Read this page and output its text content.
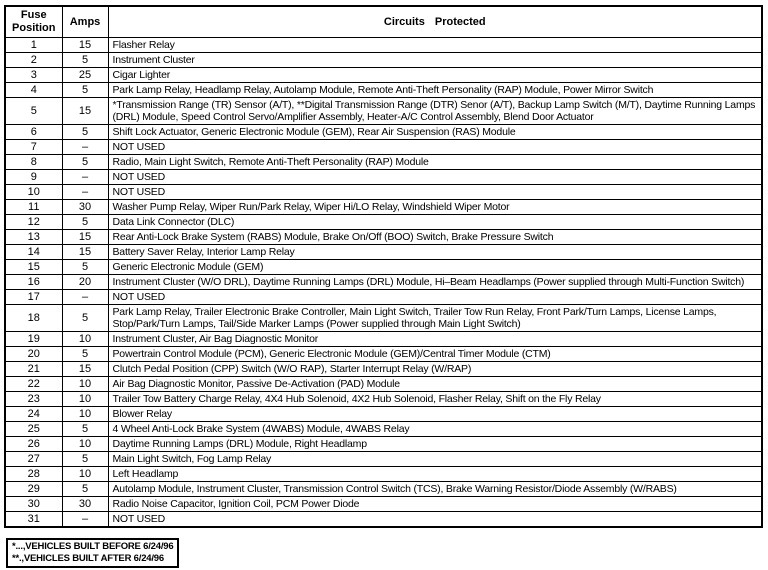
Fuse Position	Amps	Circuits Protected
1	15	Flasher Relay
2	5	Instrument Cluster
3	25	Cigar Lighter
4	5	Park Lamp Relay, Headlamp Relay, Autolamp Module, Remote Anti-Theft Personality (RAP) Module, Power Mirror Switch
5	15	*Transmission Range (TR) Sensor (A/T), **Digital Transmission Range (DTR) Senor (A/T), Backup Lamp Switch (M/T), Daytime Running Lamps (DRL) Module, Speed Control Servo/Amplifier Assembly, Heater-A/C Control Assembly, Blend Door Actuator
6	5	Shift Lock Actuator, Generic Electronic Module (GEM), Rear Air Suspension (RAS) Module
7	–	NOT USED
8	5	Radio, Main Light Switch, Remote Anti-Theft Personality (RAP) Module
9	–	NOT USED
10	–	NOT USED
11	30	Washer Pump Relay, Wiper Run/Park Relay, Wiper Hi/LO Relay, Windshield Wiper Motor
12	5	Data Link Connector (DLC)
13	15	Rear Anti-Lock Brake System (RABS) Module, Brake On/Off (BOO) Switch, Brake Pressure Switch
14	15	Battery Saver Relay, Interior Lamp Relay
15	5	Generic Electronic Module (GEM)
16	20	Instrument Cluster (W/O DRL), Daytime Running Lamps (DRL) Module, Hi–Beam Headlamps (Power supplied through Multi-Function Switch)
17	–	NOT USED
18	5	Park Lamp Relay, Trailer Electronic Brake Controller, Main Light Switch, Trailer Tow Run Relay, Front Park/Turn Lamps, License Lamps, Stop/Park/Turn Lamps, Tail/Side Marker Lamps (Power supplied through Main Light Switch)
19	10	Instrument Cluster, Air Bag Diagnostic Monitor
20	5	Powertrain Control Module (PCM), Generic Electronic Module (GEM)/Central Timer Module (CTM)
21	15	Clutch Pedal Position (CPP) Switch (W/O RAP), Starter Interrupt Relay (W/RAP)
22	10	Air Bag Diagnostic Monitor, Passive De-Activation (PAD) Module
23	10	Trailer Tow Battery Charge Relay, 4X4 Hub Solenoid, 4X2 Hub Solenoid, Flasher Relay, Shift on the Fly Relay
24	10	Blower Relay
25	5	4 Wheel Anti-Lock Brake System (4WABS) Module, 4WABS Relay
26	10	Daytime Running Lamps (DRL) Module, Right Headlamp
27	5	Main Light Switch, Fog Lamp Relay
28	10	Left Headlamp
29	5	Autolamp Module, Instrument Cluster, Transmission Control Switch (TCS), Brake Warning Resistor/Diode Assembly (W/RABS)
30	30	Radio Noise Capacitor, Ignition Coil, PCM Power Diode
31	–	NOT USED
*...,VEHICLES BUILT BEFORE 6/24/96
**.,VEHICLES BUILT AFTER 6/24/96
